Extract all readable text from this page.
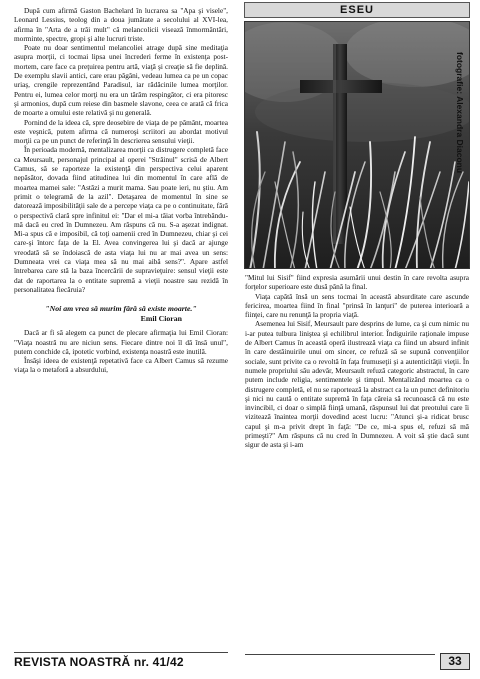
După cum afirmă Gaston Bachelard în lucrarea sa "Apa şi visele", Leonard Lessius, teolog din a doua jumătate a secolului al XVI-lea, afirma în "Arta de a trăi mult" că melancolicii visează înmormântări, morminte, spectre, gropi şi alte lucruri triste.

Poate nu doar sentimentul melancoliei atrage după sine meditaţia asupra morţii, ci tocmai lipsa unei încrederi ferme în existenţa post-mortem, care face ca preţuirea pentru artă, viaţă şi creaţie să fie deplină. De exemplu slavii antici, care erau păgâni, vedeau lumea ca pe un copac uriaş, crengile reprezentând Paradisul, iar rădăcinile lumea morţilor. Pentru ei, lumea celor morţi nu era un tărâm respingător, ci era pitoresc şi armonios, după cum reiese din basmele slavone, ceea ce arată că frica de moarte a omului este relativă şi nu generală.

Pornind de la ideea că, spre deosebire de viaţa de pe pământ, moartea este veşnică, putem afirma că numeroşi scriitori au abordat motivul morţii ca pe un punct de referinţă în descrierea sensului vieţii.

În perioada modernă, mentalizarea morţii ca distrugere completă face ca Meursault, personajul principal al operei "Străinul" scrisă de Albert Camus, să se raporteze la existenţă din perspectiva celui aparent nepăsător, dovada fiind atitudinea lui din momentul în care află de moartea mamei sale: "Astăzi a murit mama. Sau poate ieri, nu ştiu. Am primit o telegramă de la azil". Detaşarea de momentul în sine se datorează imposibilităţii sale de a percepe viaţa ca pe o continuitate, fără o perspectivă clară spre infinitul ei: "Dar el mi-a tăiat vorba întrebându-mă dacă eu cred în Dumnezeu. Am răspuns că nu. S-a aşezat indignat. Mi-a spus că e imposibil, că toţi oamenii cred în Dumnezeu, chiar şi cei care-şi întorc faţa de la El. Aveа convingerea lui şi dacă ar ajunge vreodată să se îndoiască de asta viaţa lui nu ar mai avea un sens: Dumneata vrei ca viaţa mea să nu mai aibă sens?". Apare astfel întrebarea care stă la baza încercării de supravieţuire: sensul vieţii este dat de raportarea la o entitate supremă a vieţii noastre sau rezidă în personalitatea fiecăruia?

"Noi am vrea să murim fără să existe moarte."
Emil Cioran

Dacă ar fi să alegem ca punct de plecare afirmaţia lui Emil Cioran: "Viaţa noastră nu are niciun sens. Fiecare dintre noi îl dă însă unul", putem conchide că, ipotetic vorbind, existenţa noastră este inutilă.

Însăşi ideea de existenţă repetativă face ca Albert Camus să rezume viaţa la o metaforă a absurdului,

ESEU
fotografie: Alexandra Diaconu

"Mitul lui Sisif" fiind expresia asumării unui destin în care revolta asupra forţelor superioare este dusă până la final.

Viaţa capătă însă un sens tocmai în această absurditate care ascunde fericirea, moartea fiind în final "prinsă în lanţuri" de puterea interioară a fiinţei, care nu renunţă la propria viaţă.

Asemenea lui Sisif, Meursault pare desprins de lume, ca şi cum nimic nu i-ar putea tulbura liniştea şi echilibrul interior. Îndiguirile raţionale impuse de Albert Camus în această operă ilustrează viaţa ca fiind un absurd infinit în care destăinuirile unui om sincer, ce refuză să se supună convenţiilor sociale, sunt privite ca o revoltă în faţa frumuseţii şi a autenticităţii vieţii. În numele propriului său adevăr, Meursault refuză categoric abstractul, în care putem include religia, sentimentele şi timpul. Mentalizând moartea ca o distrugere completă, el nu se raportează la abstract ca la un punct definitoriu şi nici nu caută o entitate supremă în faţa căreia să recunoască că nu este invincibil, ci doar o simplă fiinţă umană, răspunsul lui dat preotului care îi vizitează înaintea morţii dovedind acest lucru: "Atunci şi-a ridicat brusc capul şi m-a privit drept în faţă: "De ce, mi-a spus el, refuzi să mă primeşti?" Am răspuns că nu cred în Dumnezeu. A voit să ştie dacă sunt sigur de asta şi i-am

REVISTA NOASTRĂ nr. 41/42	33
